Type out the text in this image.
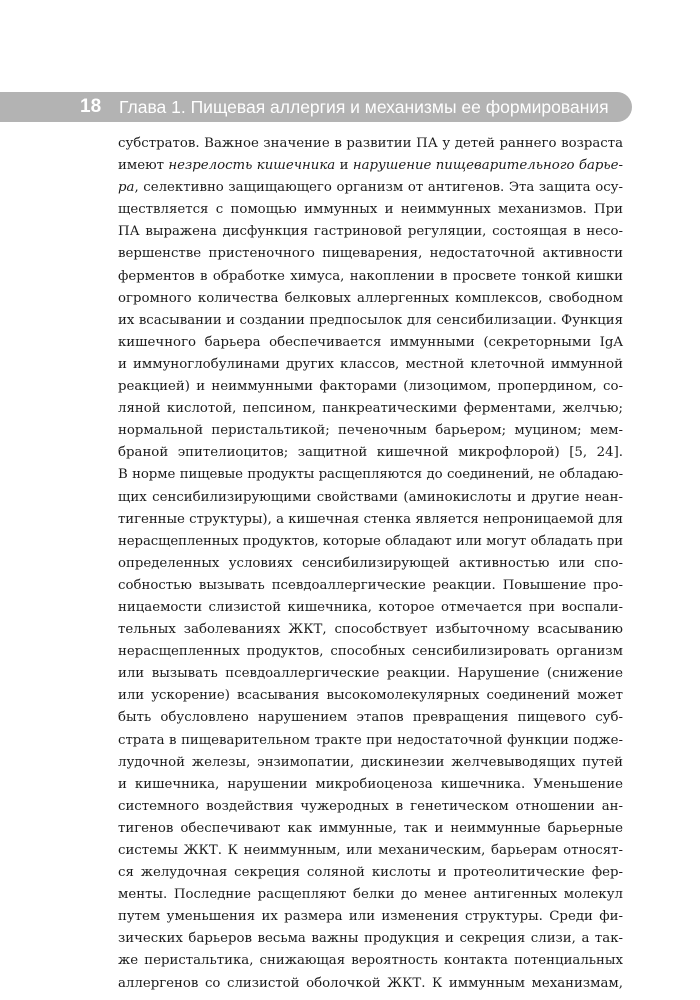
18 Глава 1. Пищевая аллергия и механизмы ее формирования
субстратов. Важное значение в развитии ПА у детей раннего возраста
имеют незрелость кишечника и нарушение пищеварительного барье-
ра, селективно защищающего организм от антигенов. Эта защита осу-
ществляется с помощью иммунных и неиммунных механизмов. При
ПА выражена дисфункция гастриновой регуляции, состоящая в несо-
вершенстве пристеночного пищеварения, недостаточной активности
ферментов в обработке химуса, накоплении в просвете тонкой кишки
огромного количества белковых аллергенных комплексов, свободном
их всасывании и создании предпосылок для сенсибилизации. Функция
кишечного барьера обеспечивается иммунными (секреторными IgA
и иммуноглобулинами других классов, местной клеточной иммунной
реакцией) и неиммунными факторами (лизоцимом, пропердином, со-
ляной кислотой, пепсином, панкреатическими ферментами, желчью;
нормальной перистальтикой; печеночным барьером; муцином; мем-
браной эпителиоцитов; защитной кишечной микрофлорой) [5, 24].
В норме пищевые продукты расщепляются до соединений, не обладаю-
щих сенсибилизирующими свойствами (аминокислоты и другие неан-
тигенные структуры), а кишечная стенка является непроницаемой для
нерасщепленных продуктов, которые обладают или могут обладать при
определенных условиях сенсибилизирующей активностью или спо-
собностью вызывать псевдоаллергические реакции. Повышение про-
ницаемости слизистой кишечника, которое отмечается при воспали-
тельных заболеваниях ЖКТ, способствует избыточному всасыванию
нерасщепленных продуктов, способных сенсибилизировать организм
или вызывать псевдоаллергические реакции. Нарушение (снижение
или ускорение) всасывания высокомолекулярных соединений может
быть обусловлено нарушением этапов превращения пищевого суб-
страта в пищеварительном тракте при недостаточной функции подже-
лудочной железы, энзимопатии, дискинезии желчевыводящих путей
и кишечника, нарушении микробиоценоза кишечника. Уменьшение
системного воздействия чужеродных в генетическом отношении ан-
тигенов обеспечивают как иммунные, так и неиммунные барьерные
системы ЖКТ. К неиммунным, или механическим, барьерам относят-
ся желудочная секреция соляной кислоты и протеолитические фер-
менты. Последние расщепляют белки до менее антигенных молекул
путем уменьшения их размера или изменения структуры. Среди фи-
зических барьеров весьма важны продукция и секреция слизи, а так-
же перистальтика, снижающая вероятность контакта потенциальных
аллергенов со слизистой оболочкой ЖКТ. К иммунным механизмам,
